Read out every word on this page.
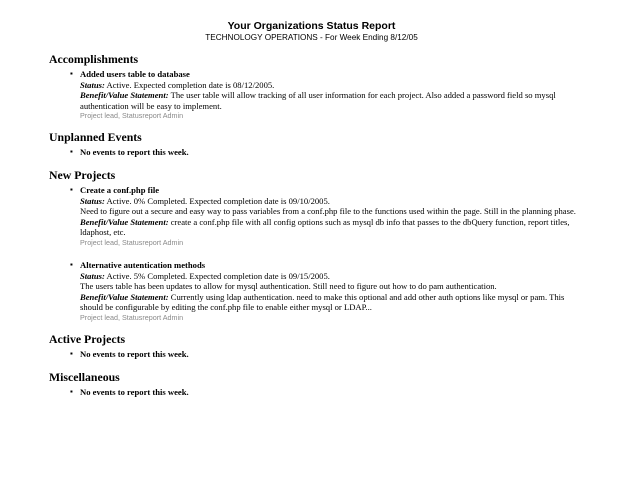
Your Organizations Status Report
TECHNOLOGY OPERATIONS - For Week Ending 8/12/05
Accomplishments
▪ Added users table to database
Status: Active. Expected completion date is 08/12/2005.
Benefit/Value Statement: The user table will allow tracking of all user information for each project. Also added a password field so mysql authentication will be easy to implement.
Project lead, Statusreport Admin
Unplanned Events
▪ No events to report this week.
New Projects
▪ Create a conf.php file
Status: Active. 0% Completed. Expected completion date is 09/10/2005.
Need to figure out a secure and easy way to pass variables from a conf.php file to the functions used within the page. Still in the planning phase.
Benefit/Value Statement: create a conf.php file with all config options such as mysql db info that passes to the dbQuery function, report titles, ldaphost, etc.
Project lead, Statusreport Admin
▪ Alternative autentication methods
Status: Active. 5% Completed. Expected completion date is 09/15/2005.
The users table has been updates to allow for mysql authentication. Still need to figure out how to do pam authentication.
Benefit/Value Statement: Currently using ldap authentication. need to make this optional and add other auth options like mysql or pam. This should be configurable by editing the conf.php file to enable either mysql or LDAP...
Project lead, Statusreport Admin
Active Projects
▪ No events to report this week.
Miscellaneous
▪ No events to report this week.
